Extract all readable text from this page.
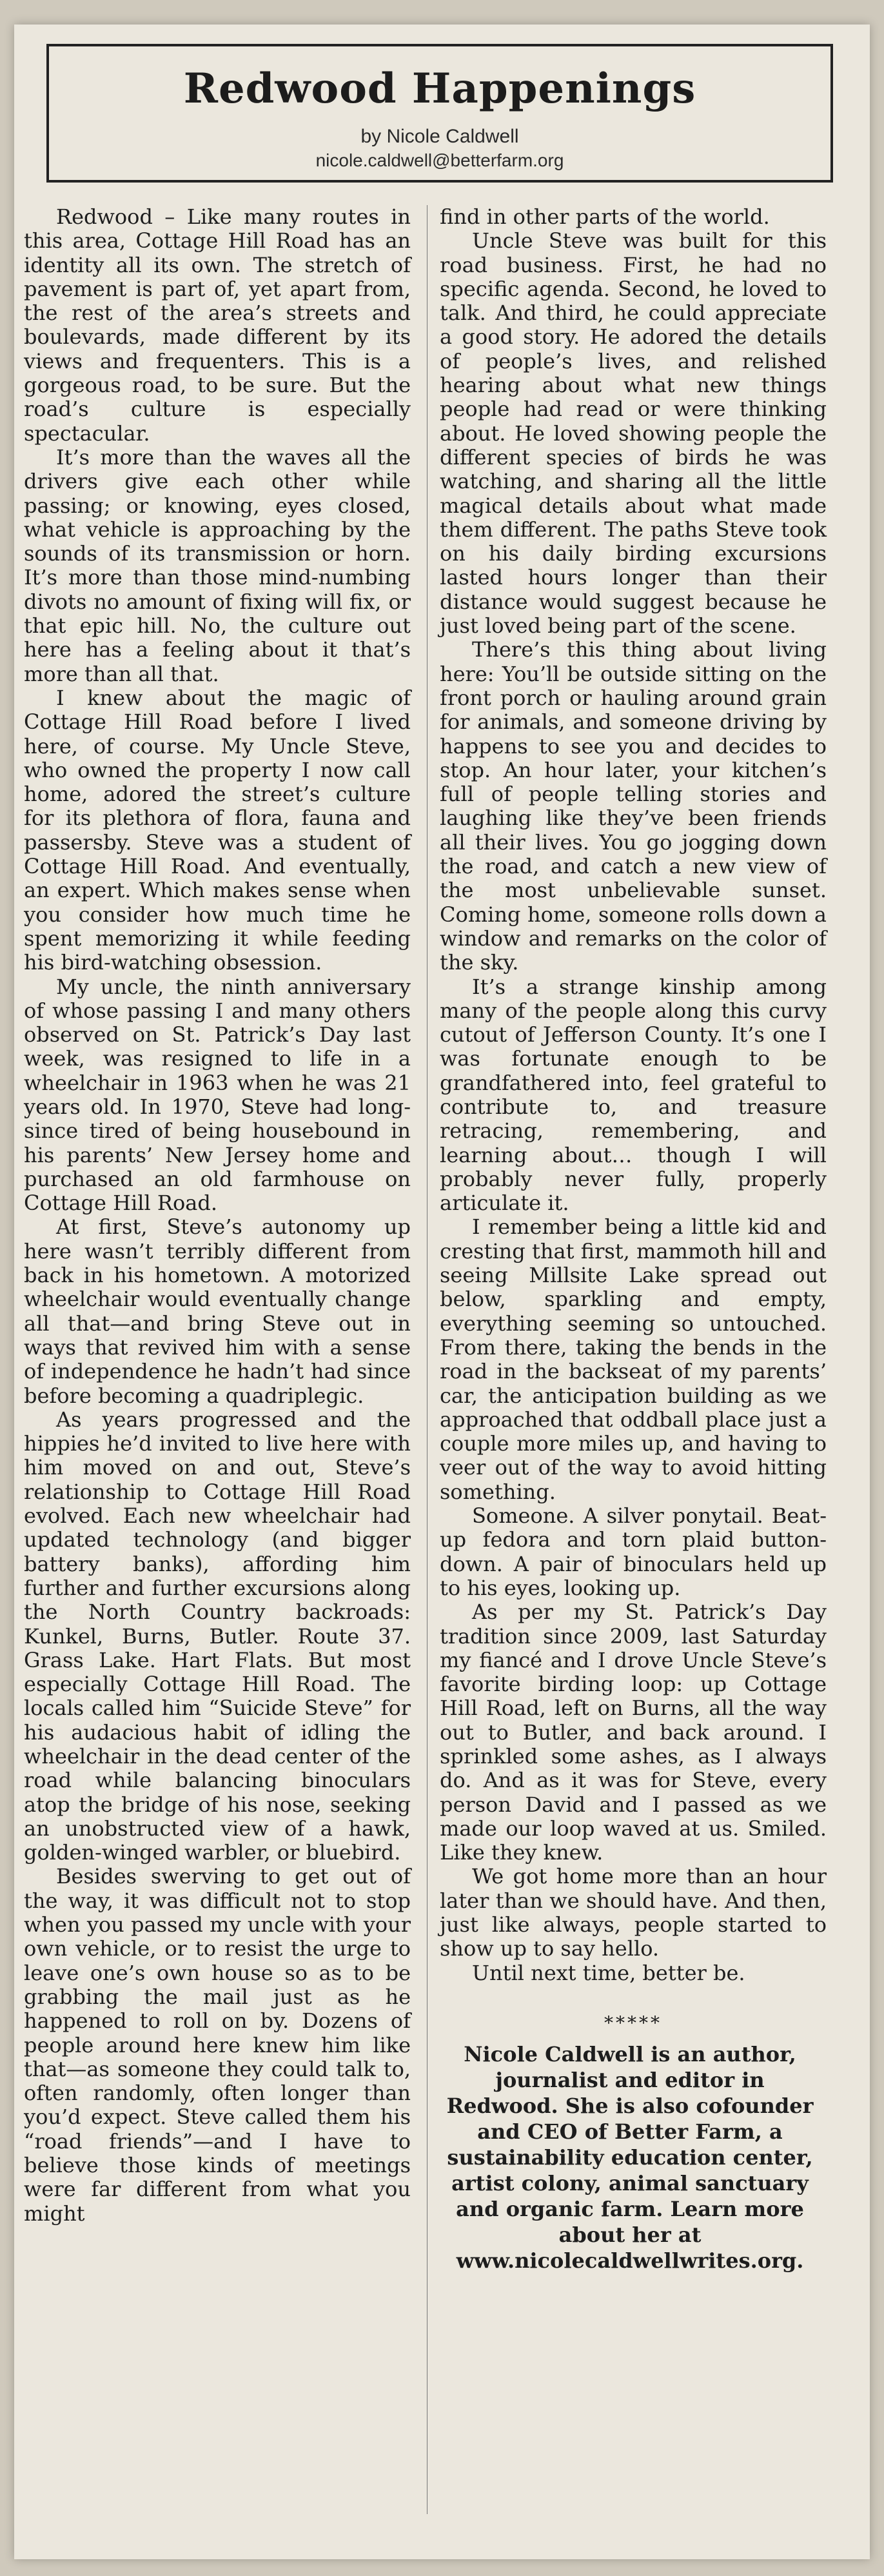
Redwood Happenings
by Nicole Caldwell
nicole.caldwell@betterfarm.org

Redwood – Like many routes in this area, Cottage Hill Road has an identity all its own. The stretch of pavement is part of, yet apart from, the rest of the area’s streets and boulevards, made different by its views and frequenters. This is a gorgeous road, to be sure. But the road’s culture is especially spectacular.

It’s more than the waves all the drivers give each other while passing; or knowing, eyes closed, what vehicle is approaching by the sounds of its transmission or horn. It’s more than those mind-numbing divots no amount of fixing will fix, or that epic hill. No, the culture out here has a feeling about it that’s more than all that.

I knew about the magic of Cottage Hill Road before I lived here, of course. My Uncle Steve, who owned the property I now call home, adored the street’s culture for its plethora of flora, fauna and passersby. Steve was a student of Cottage Hill Road. And eventually, an expert. Which makes sense when you consider how much time he spent memorizing it while feeding his bird-watching obsession.

My uncle, the ninth anniversary of whose passing I and many others observed on St. Patrick’s Day last week, was resigned to life in a wheelchair in 1963 when he was 21 years old. In 1970, Steve had long-since tired of being housebound in his parents’ New Jersey home and purchased an old farmhouse on Cottage Hill Road.

At first, Steve’s autonomy up here wasn’t terribly different from back in his hometown. A motorized wheelchair would eventually change all that—and bring Steve out in ways that revived him with a sense of independence he hadn’t had since before becoming a quadriplegic.

As years progressed and the hippies he’d invited to live here with him moved on and out, Steve’s relationship to Cottage Hill Road evolved. Each new wheelchair had updated technology (and bigger battery banks), affording him further and further excursions along the North Country backroads: Kunkel, Burns, Butler. Route 37. Grass Lake. Hart Flats. But most especially Cottage Hill Road. The locals called him “Suicide Steve” for his audacious habit of idling the wheelchair in the dead center of the road while balancing binoculars atop the bridge of his nose, seeking an unobstructed view of a hawk, golden-winged warbler, or bluebird.

Besides swerving to get out of the way, it was difficult not to stop when you passed my uncle with your own vehicle, or to resist the urge to leave one’s own house so as to be grabbing the mail just as he happened to roll on by. Dozens of people around here knew him like that—as someone they could talk to, often randomly, often longer than you’d expect. Steve called them his “road friends”—and I have to believe those kinds of meetings were far different from what you might

find in other parts of the world.

Uncle Steve was built for this road business. First, he had no specific agenda. Second, he loved to talk. And third, he could appreciate a good story. He adored the details of people’s lives, and relished hearing about what new things people had read or were thinking about. He loved showing people the different species of birds he was watching, and sharing all the little magical details about what made them different. The paths Steve took on his daily birding excursions lasted hours longer than their distance would suggest because he just loved being part of the scene.

There’s this thing about living here: You’ll be outside sitting on the front porch or hauling around grain for animals, and someone driving by happens to see you and decides to stop. An hour later, your kitchen’s full of people telling stories and laughing like they’ve been friends all their lives. You go jogging down the road, and catch a new view of the most unbelievable sunset. Coming home, someone rolls down a window and remarks on the color of the sky.

It’s a strange kinship among many of the people along this curvy cutout of Jefferson County. It’s one I was fortunate enough to be grandfathered into, feel grateful to contribute to, and treasure retracing, remembering, and learning about… though I will probably never fully, properly articulate it.

I remember being a little kid and cresting that first, mammoth hill and seeing Millsite Lake spread out below, sparkling and empty, everything seeming so untouched. From there, taking the bends in the road in the backseat of my parents’ car, the anticipation building as we approached that oddball place just a couple more miles up, and having to veer out of the way to avoid hitting something.

Someone. A silver ponytail. Beat-up fedora and torn plaid button-down. A pair of binoculars held up to his eyes, looking up.

As per my St. Patrick’s Day tradition since 2009, last Saturday my fiancé and I drove Uncle Steve’s favorite birding loop: up Cottage Hill Road, left on Burns, all the way out to Butler, and back around. I sprinkled some ashes, as I always do. And as it was for Steve, every person David and I passed as we made our loop waved at us. Smiled. Like they knew.

We got home more than an hour later than we should have. And then, just like always, people started to show up to say hello.

Until next time, better be.

*****
Nicole Caldwell is an author, journalist and editor in Redwood. She is also cofounder and CEO of Better Farm, a sustainability education center, artist colony, animal sanctuary and organic farm. Learn more about her at www.nicolecaldwellwrites.org.
